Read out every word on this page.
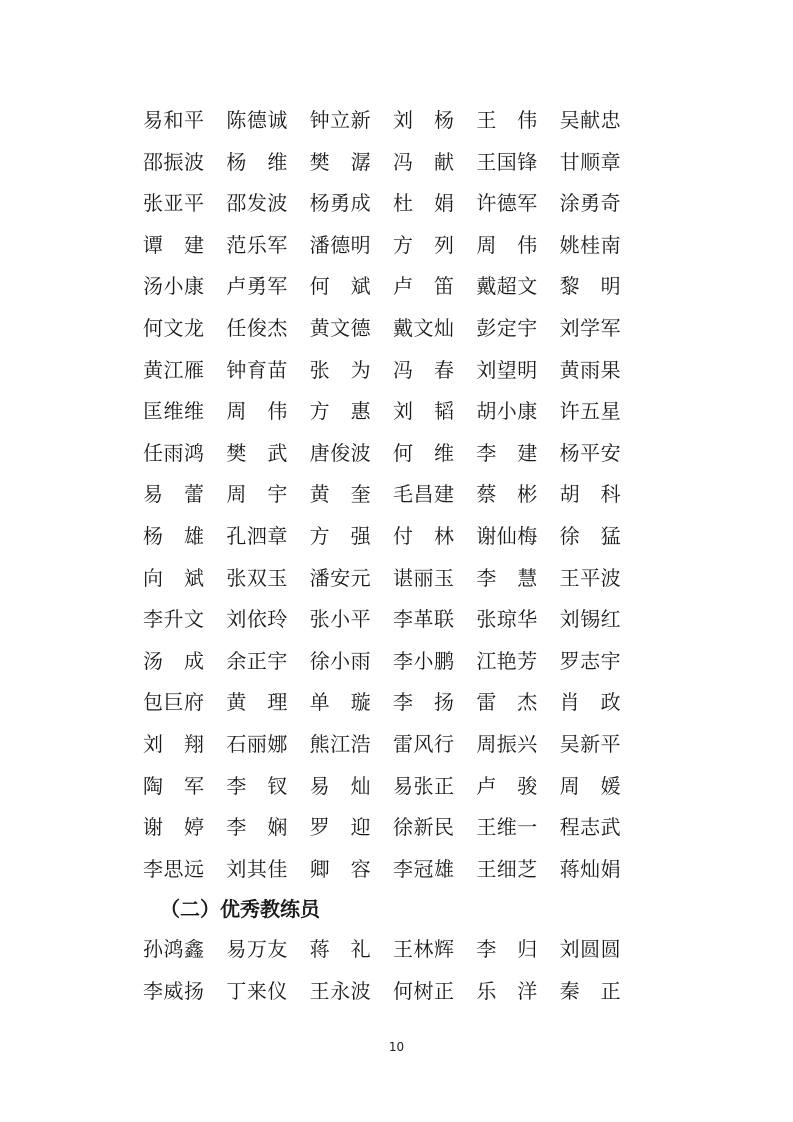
易和平	陈德诚	钟立新	刘　杨	王　伟	吴献忠
邵振波	杨　维	樊　潺	冯　献	王国锋	甘顺章
张亚平	邵发波	杨勇成	杜　娟	许德军	涂勇奇
谭　建	范乐军	潘德明	方　列	周　伟	姚桂南
汤小康	卢勇军	何　斌	卢　笛	戴超文	黎　明
何文龙	任俊杰	黄文德	戴文灿	彭定宇	刘学军
黄江雁	钟育苗	张　为	冯　春	刘望明	黄雨果
匡维维	周　伟	方　惠	刘　韬	胡小康	许五星
任雨鸿	樊　武	唐俊波	何　维	李　建	杨平安
易　蕾	周　宇	黄　奎	毛昌建	蔡　彬	胡　科
杨　雄	孔泗章	方　强	付　林	谢仙梅	徐　猛
向　斌	张双玉	潘安元	谌丽玉	李　慧	王平波
李升文	刘依玲	张小平	李革联	张琼华	刘锡红
汤　成	余正宇	徐小雨	李小鹏	江艳芳	罗志宇
包巨府	黄　理	单　璇	李　扬	雷　杰	肖　政
刘　翔	石丽娜	熊江浩	雷风行	周振兴	吴新平
陶　军	李　钗	易　灿	易张正	卢　骏	周　媛
谢　婷	李　娴	罗　迎	徐新民	王维一	程志武
李思远	刘其佳	卿　容	李冠雄	王细芝	蒋灿娟
（二）优秀教练员
孙鸿鑫	易万友	蒋　礼	王林辉	李　归	刘圆圆
李威扬	丁来仪	王永波	何树正	乐　洋	秦　正
10
